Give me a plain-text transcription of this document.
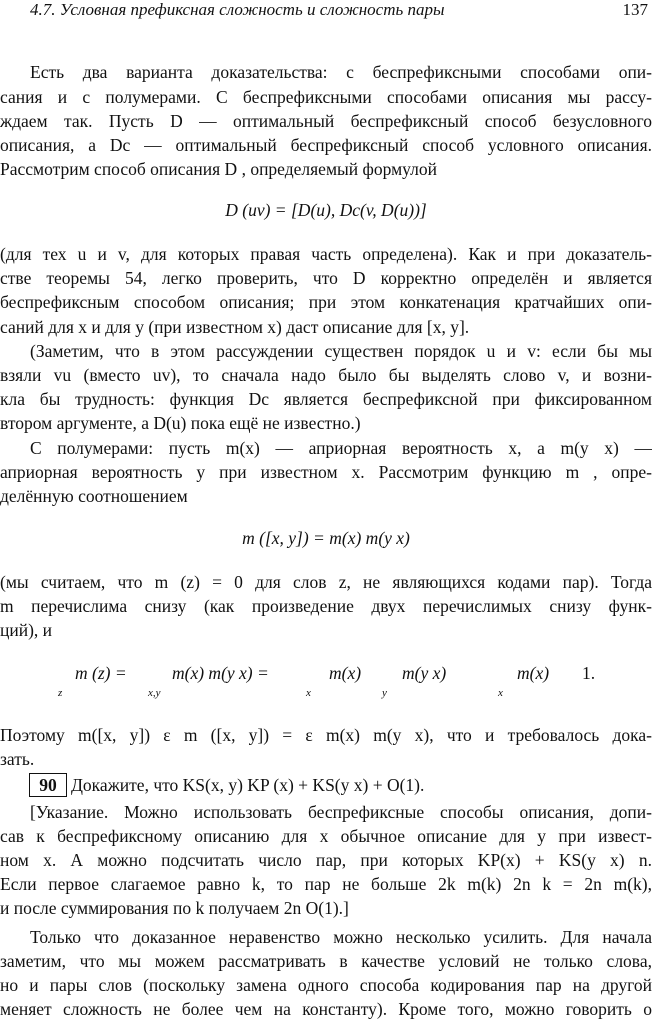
4.7. Условная префиксная сложность и сложность пары	137
Есть два варианта доказательства: с беспрефиксными способами опи-
сания и с полумерами. С беспрефиксными способами описания мы рассу-
ждаем так. Пусть D — оптимальный беспрефиксный способ безусловного
описания, а Dc — оптимальный беспрефиксный способ условного описания.
Рассмотрим способ описания D , определяемый формулой
D (uv) = [D(u), Dc(v, D(u))]
(для тех u и v, для которых правая часть определена). Как и при доказатель-
стве теоремы 54, легко проверить, что D корректно определён и является
беспрефиксным способом описания; при этом конкатенация кратчайших опи-
саний для x и для y (при известном x) даст описание для [x, y].
(Заметим, что в этом рассуждении существен порядок u и v: если бы мы
взяли vu (вместо uv), то сначала надо было бы выделять слово v, и возни-
кла бы трудность: функция Dc является беспрефиксной при фиксированном
втором аргументе, а D(u) пока ещё не известно.)
С полумерами: пусть m(x) — априорная вероятность x, а m(y x) —
априорная вероятность y при известном x. Рассмотрим функцию m , опре-
делённую соотношением
m ([x, y]) = m(x) m(y x)
(мы считаем, что m (z) = 0 для слов z, не являющихся кодами пар). Тогда
m перечислима снизу (как произведение двух перечислимых снизу функ-
ций), и
m (z) =	m(x) m(y x) =	m(x) m(y x)	m(x) 1.
z	x,y	x	y	x
Поэтому m([x, y]) ε m ([x, y]) = ε m(x) m(y x), что и требовалось дока-
зать.
90 Докажите, что KS(x, y) KP (x) + KS(y x) + O(1).
[Указание. Можно использовать беспрефиксные способы описания, допи-
сав к беспрефиксному описанию для x обычное описание для y при извест-
ном x. А можно подсчитать число пар, при которых KP(x) + KS(y x) n.
Если первое слагаемое равно k, то пар не больше 2k m(k) 2n k = 2n m(k),
и после суммирования по k получаем 2n O(1).]
Только что доказанное неравенство можно несколько усилить. Для начала
заметим, что мы можем рассматривать в качестве условий не только слова,
но и пары слов (поскольку замена одного способа кодирования пар на другой
меняет сложность не более чем на константу). Кроме того, можно говорить о
